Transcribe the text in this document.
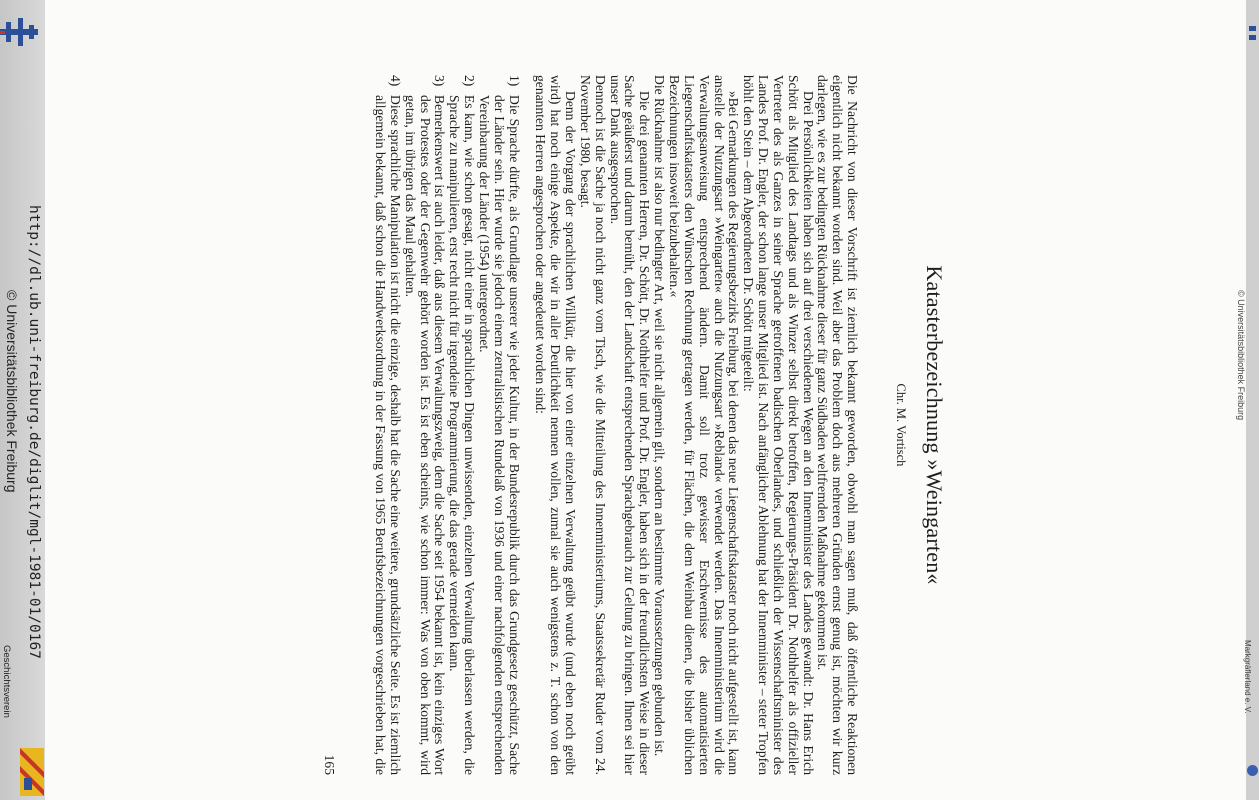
Katasterbezeichnung »Weingarten«
Chr. M. Vortisch

Die Nachricht von dieser Vorschrift ist ziemlich bekannt geworden, obwohl man sagen muß, daß öffentliche Reaktionen eigentlich nicht bekannt worden sind. Weil aber das Problem doch aus mehreren Gründen ernst genug ist, möchten wir kurz darlegen, wie es zur bedingten Rücknahme dieser für ganz Südbaden weltfremden Maßnahme gekommen ist.

Drei Persönlichkeiten haben sich auf drei verschiedenen Wegen an den Innenminister des Landes gewandt: Dr. Hans Erich Schött als Mitglied des Landtags und als Winzer selbst direkt betroffen, Regierungs-Präsident Dr. Nothhelfer als offizieller Vertreter des als Ganzes in seiner Sprache getroffenen badischen Oberlandes, und schließlich der Wissenschaftsminister des Landes Prof. Dr. Engler, der schon lange unser Mitglied ist. Nach anfänglicher Ablehnung hat der Innenminister – steter Tropfen höhlt den Stein – dem Abgeordneten Dr. Schött mitgeteilt:

»Bei Gemarkungen des Regierungsbezirks Freiburg, bei denen das neue Liegenschaftskataster noch nicht aufgestellt ist, kann anstelle der Nutzungsart »Weingarten« auch die Nutzungsart »Rebland« verwendet werden. Das Innenministerium wird die Verwaltungsanweisung entsprechend ändern. Damit soll trotz gewisser Erschwernisse des automatisierten Liegenschaftskatasters den Wünschen Rechnung getragen werden, für Flächen, die dem Weinbau dienen, die bisher üblichen Bezeichnungen insoweit beizubehalten.«

Die Rücknahme ist also nur bedingter Art, weil sie nicht allgemein gilt, sondern an bestimmte Voraussetzungen gebunden ist.

Die drei genannten Herren, Dr. Schött, Dr. Nothhelfer und Prof. Dr. Engler, haben sich in der freundlichsten Weise in dieser Sache geäußerst und darum bemüht, den der Landschaft entsprechenden Sprachgebrauch zur Geltung zu bringen. Ihnen sei hier unser Dank ausgesprochen.

Dennoch ist die Sache ja noch nicht ganz vom Tisch, wie die Mitteilung des Innenministeriums, Staatssekretär Ruder vom 24. November 1980, besagt.

Denn der Vorgang der sprachlichen Willkür, die hier von einer einzelnen Verwaltung geübt wurde (und eben noch geübt wird) hat noch einige Aspekte, die wir in aller Deutlichkeit nennen wollen, zumal sie auch wenigstens z. T. schon von den genannten Herren angesprochen oder angedeutet worden sind:

1)
Die Sprache dürfte, als Grundlage unserer wie jeder Kultur, in der Bundesrepublik durch das Grundgesetz geschützt, Sache der Länder sein. Hier wurde sie jedoch einem zentralistischen Rundelaß von 1936 und einer nachfolgenden entsprechenden Vereinbarung der Länder (1954) untergeordnet.
2)
Es kann, wie schon gesagt, nicht einer in sprachlichen Dingen unwissenden, einzelnen Verwaltung überlassen werden, die Sprache zu manipulieren, erst recht nicht für irgendeine Programmierung, die das gerade vermeiden kann.
3)
Bemerkenswert ist auch leider, daß aus diesem Verwaltungszweig, dem die Sache seit 1954 bekannt ist, kein einziges Wort des Protestes oder der Gegenwehr gehört worden ist. Es ist eben scheints, wie schon immer: Was von oben kommt, wird getan, im übrigen das Maul gehalten.
4)
Diese sprachliche Manipulation ist nicht die einzige, deshalb hat die Sache eine weitere, grundsätzliche Seite. Es ist ziemlich allgemein bekannt, daß schon die Handwerksordnung in der Fassung von 1965 Berufsbezeichnungen vorgeschrieben hat, die
165
http://dl.ub.uni-freiburg.de/diglit/mgl-1981-01/0167
© Universitätsbibliothek Freiburg
Geschichtsverein
© Universitätsbibliothek Freiburg
Markgräflerland e. V.
